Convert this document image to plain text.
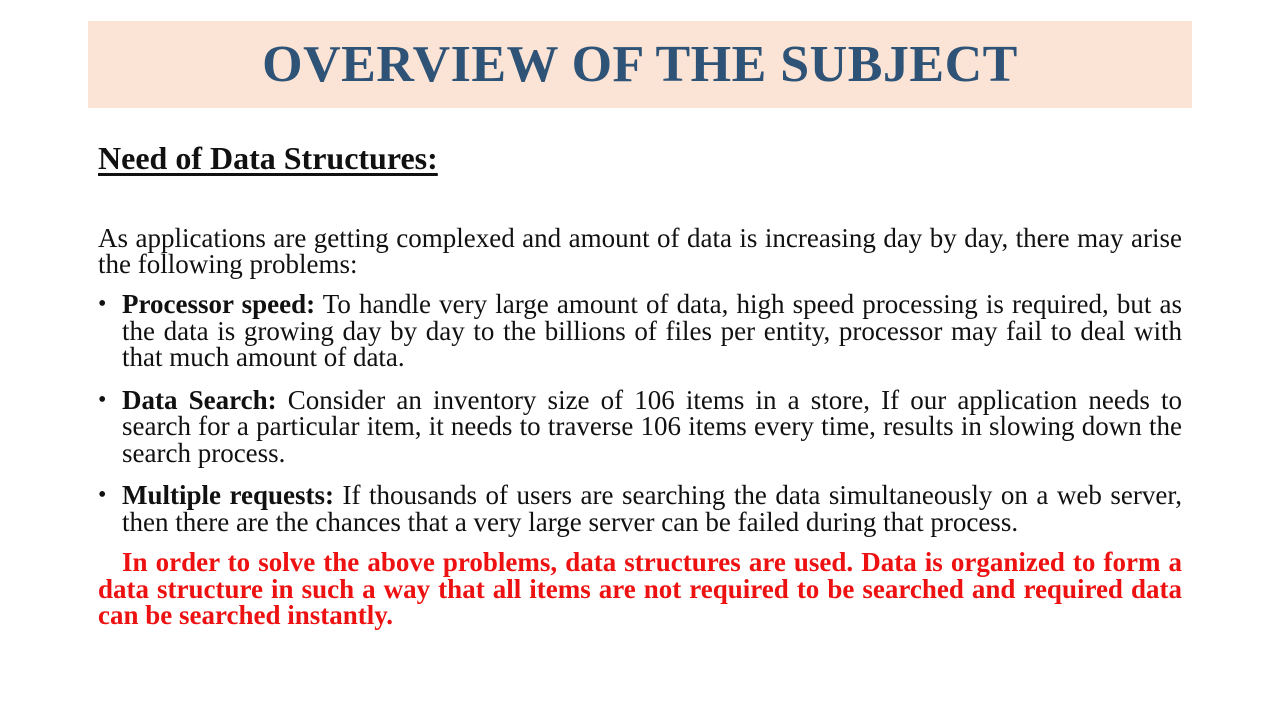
OVERVIEW OF THE SUBJECT
Need of Data Structures:
As applications are getting complexed and amount of data is increasing day by day, there may arise the following problems:
• Processor speed: To handle very large amount of data, high speed processing is required, but as the data is growing day by day to the billions of files per entity, processor may fail to deal with that much amount of data.
• Data Search: Consider an inventory size of 106 items in a store, If our application needs to search for a particular item, it needs to traverse 106 items every time, results in slowing down the search process.
• Multiple requests: If thousands of users are searching the data simultaneously on a web server, then there are the chances that a very large server can be failed during that process.
In order to solve the above problems, data structures are used. Data is organized to form a data structure in such a way that all items are not required to be searched and required data can be searched instantly.
